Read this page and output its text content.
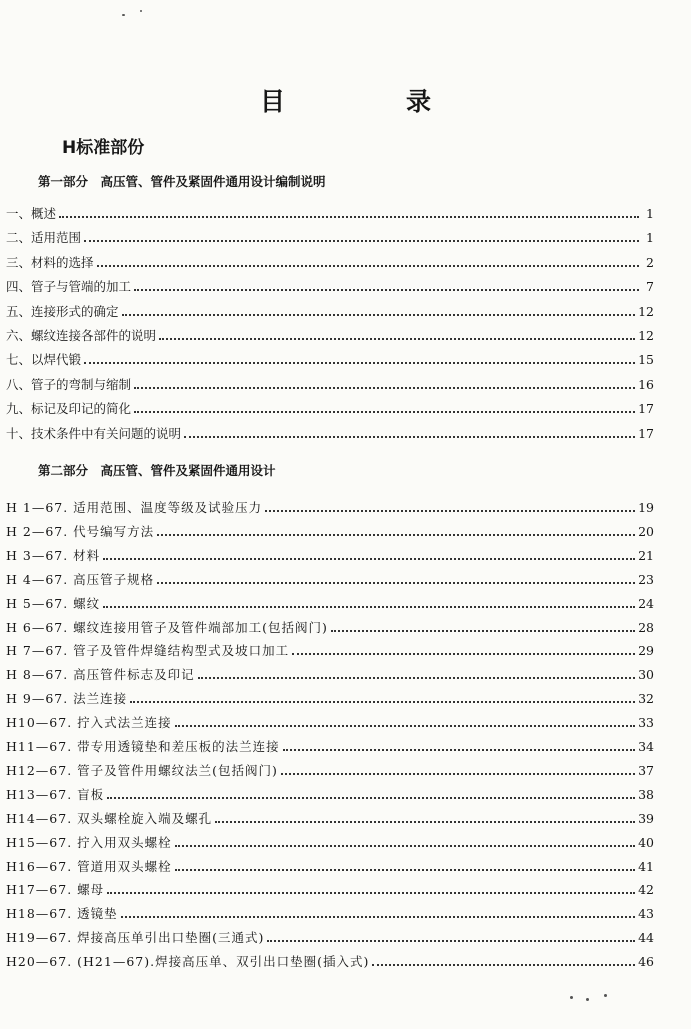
目　录
H标准部份
第一部分　高压管、管件及紧固件通用设计编制说明
一、概述	1
二、适用范围	1
三、材料的选择	2
四、管子与管端的加工	7
五、连接形式的确定	12
六、螺纹连接各部件的说明	12
七、以焊代锻	15
八、管子的弯制与缩制	16
九、标记及印记的简化	17
十、技术条件中有关问题的说明	17
第二部分　高压管、管件及紧固件通用设计
H 1—67. 适用范围、温度等级及试验压力	19
H 2—67. 代号编写方法	20
H 3—67. 材料	21
H 4—67. 高压管子规格	23
H 5—67. 螺纹	24
H 6—67. 螺纹连接用管子及管件端部加工(包括阀门)	28
H 7—67. 管子及管件焊缝结构型式及坡口加工	29
H 8—67. 高压管件标志及印记	30
H 9—67. 法兰连接	32
H10—67. 拧入式法兰连接	33
H11—67. 带专用透镜垫和差压板的法兰连接	34
H12—67. 管子及管件用螺纹法兰(包括阀门)	37
H13—67. 盲板	38
H14—67. 双头螺栓旋入端及螺孔	39
H15—67. 拧入用双头螺栓	40
H16—67. 管道用双头螺栓	41
H17—67. 螺母	42
H18—67. 透镜垫	43
H19—67. 焊接高压单引出口垫圈(三通式)	44
H20—67. (H21—67).焊接高压单、双引出口垫圈(插入式)	46
